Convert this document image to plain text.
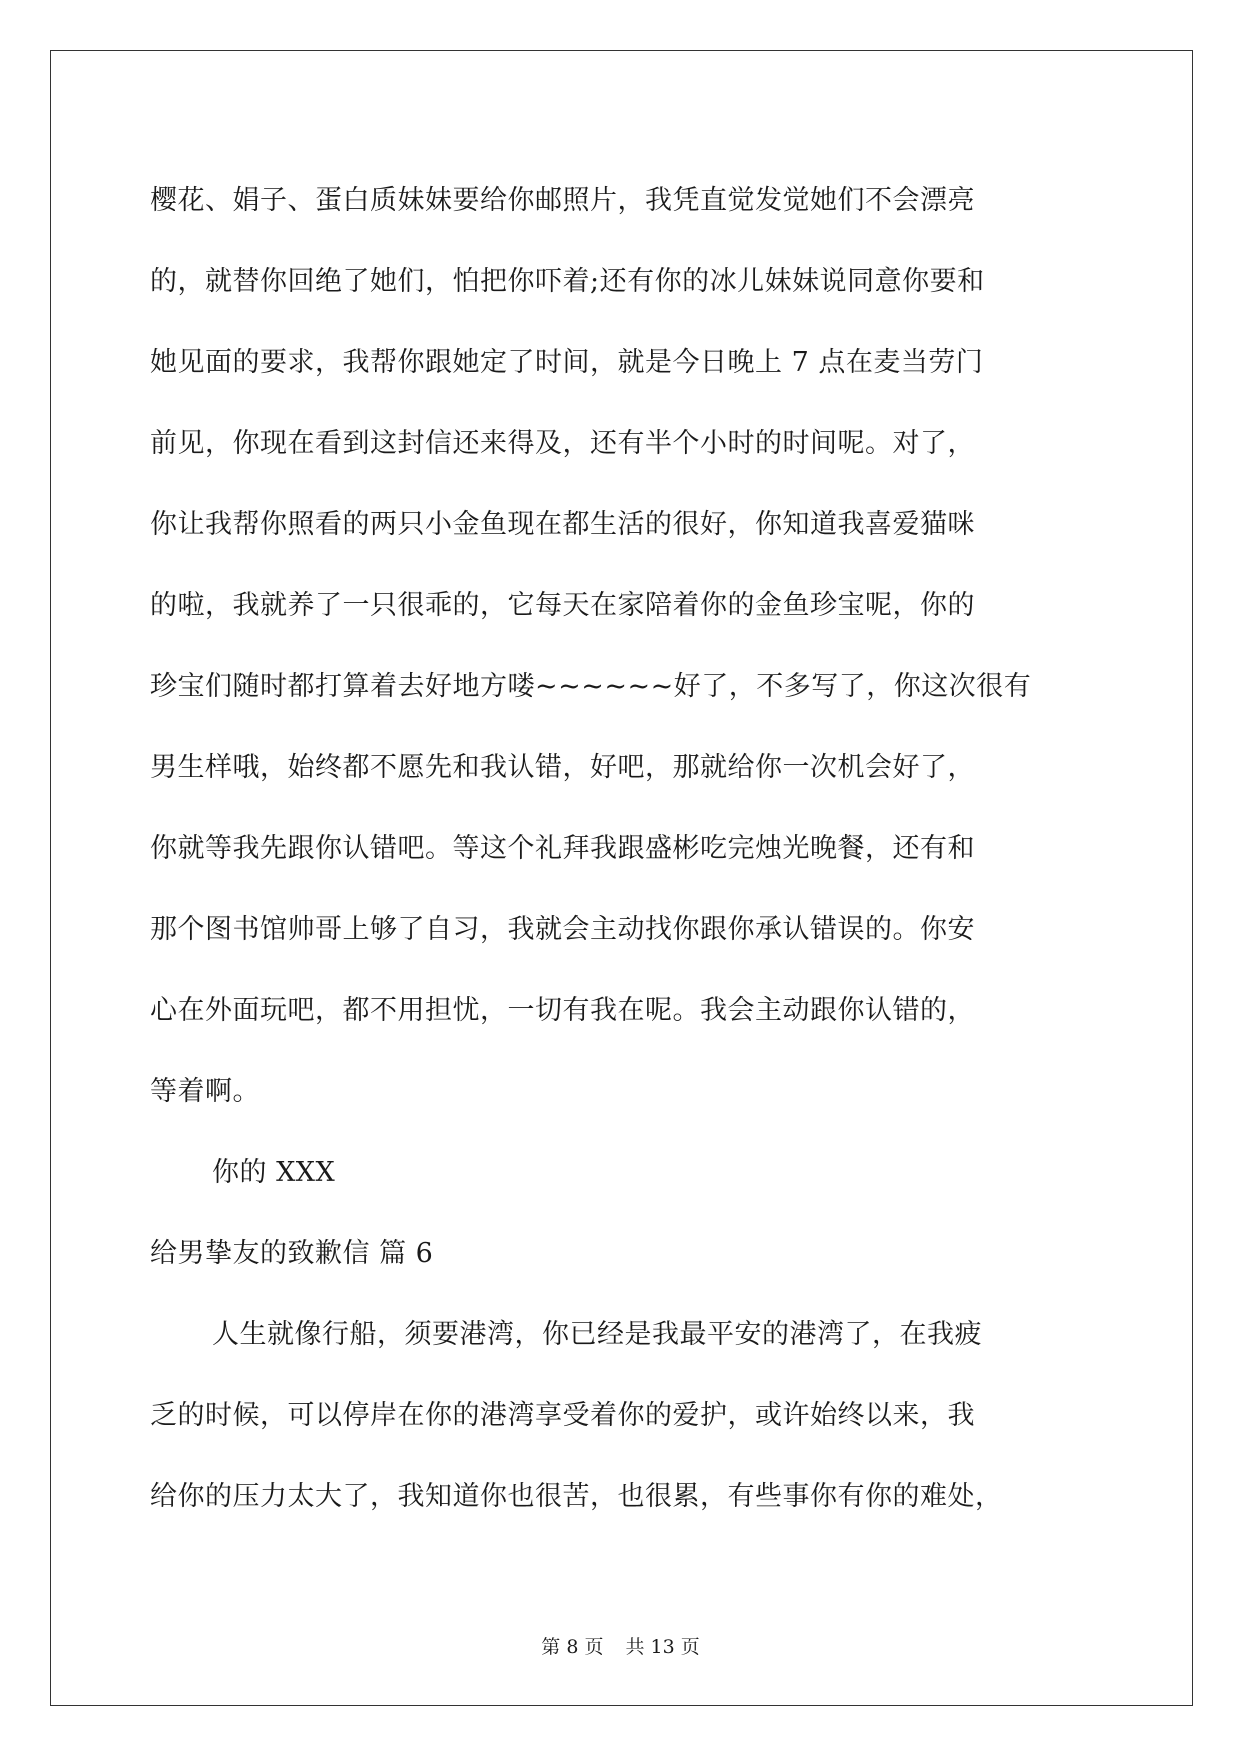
樱花、娟子、蛋白质妹妹要给你邮照片，我凭直觉发觉她们不会漂亮
的，就替你回绝了她们，怕把你吓着;还有你的冰儿妹妹说同意你要和
她见面的要求，我帮你跟她定了时间，就是今日晚上 7 点在麦当劳门
前见，你现在看到这封信还来得及，还有半个小时的时间呢。对了，
你让我帮你照看的两只小金鱼现在都生活的很好，你知道我喜爱猫咪
的啦，我就养了一只很乖的，它每天在家陪着你的金鱼珍宝呢，你的
珍宝们随时都打算着去好地方喽~~~~~~好了，不多写了，你这次很有
男生样哦，始终都不愿先和我认错，好吧，那就给你一次机会好了，
你就等我先跟你认错吧。等这个礼拜我跟盛彬吃完烛光晚餐，还有和
那个图书馆帅哥上够了自习，我就会主动找你跟你承认错误的。你安
心在外面玩吧，都不用担忧，一切有我在呢。我会主动跟你认错的，
等着啊。
你的 XXX
给男挚友的致歉信 篇 6
人生就像行船，须要港湾，你已经是我最平安的港湾了，在我疲
乏的时候，可以停岸在你的港湾享受着你的爱护，或许始终以来，我
给你的压力太大了，我知道你也很苦，也很累，有些事你有你的难处，
第 8 页 共 13 页
